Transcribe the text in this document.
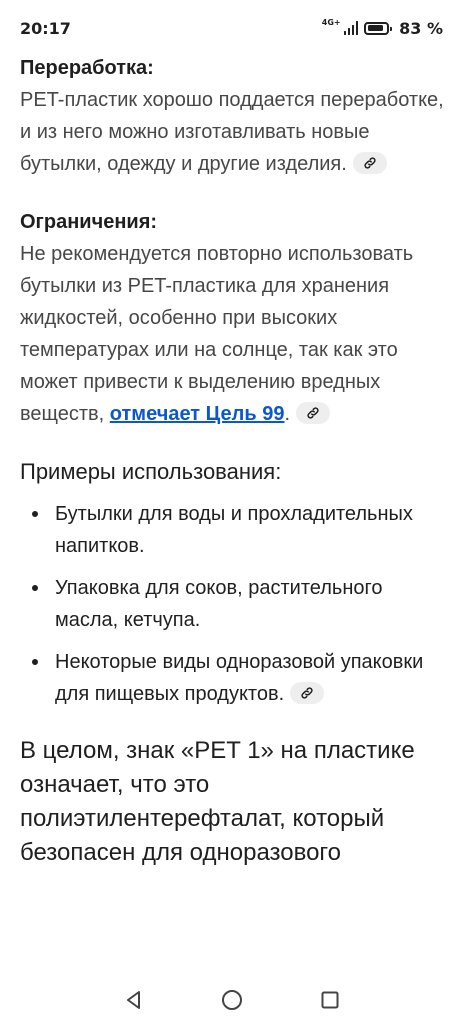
20:17	4G+	83 %

Переработка:

PET-пластик хорошо поддается переработке, и из него можно изготавливать новые бутылки, одежду и другие изделия.

Ограничения:

Не рекомендуется повторно использовать бутылки из PET-пластика для хранения жидкостей, особенно при высоких температурах или на солнце, так как это может привести к выделению вредных веществ, отмечает Цель 99.

Примеры использования:

Бутылки для воды и прохладительных напитков.
Упаковка для соков, растительного масла, кетчупа.
Некоторые виды одноразовой упаковки для пищевых продуктов.

В целом, знак «PET 1» на пластике означает, что это полиэтилентерефталат, который безопасен для одноразового
